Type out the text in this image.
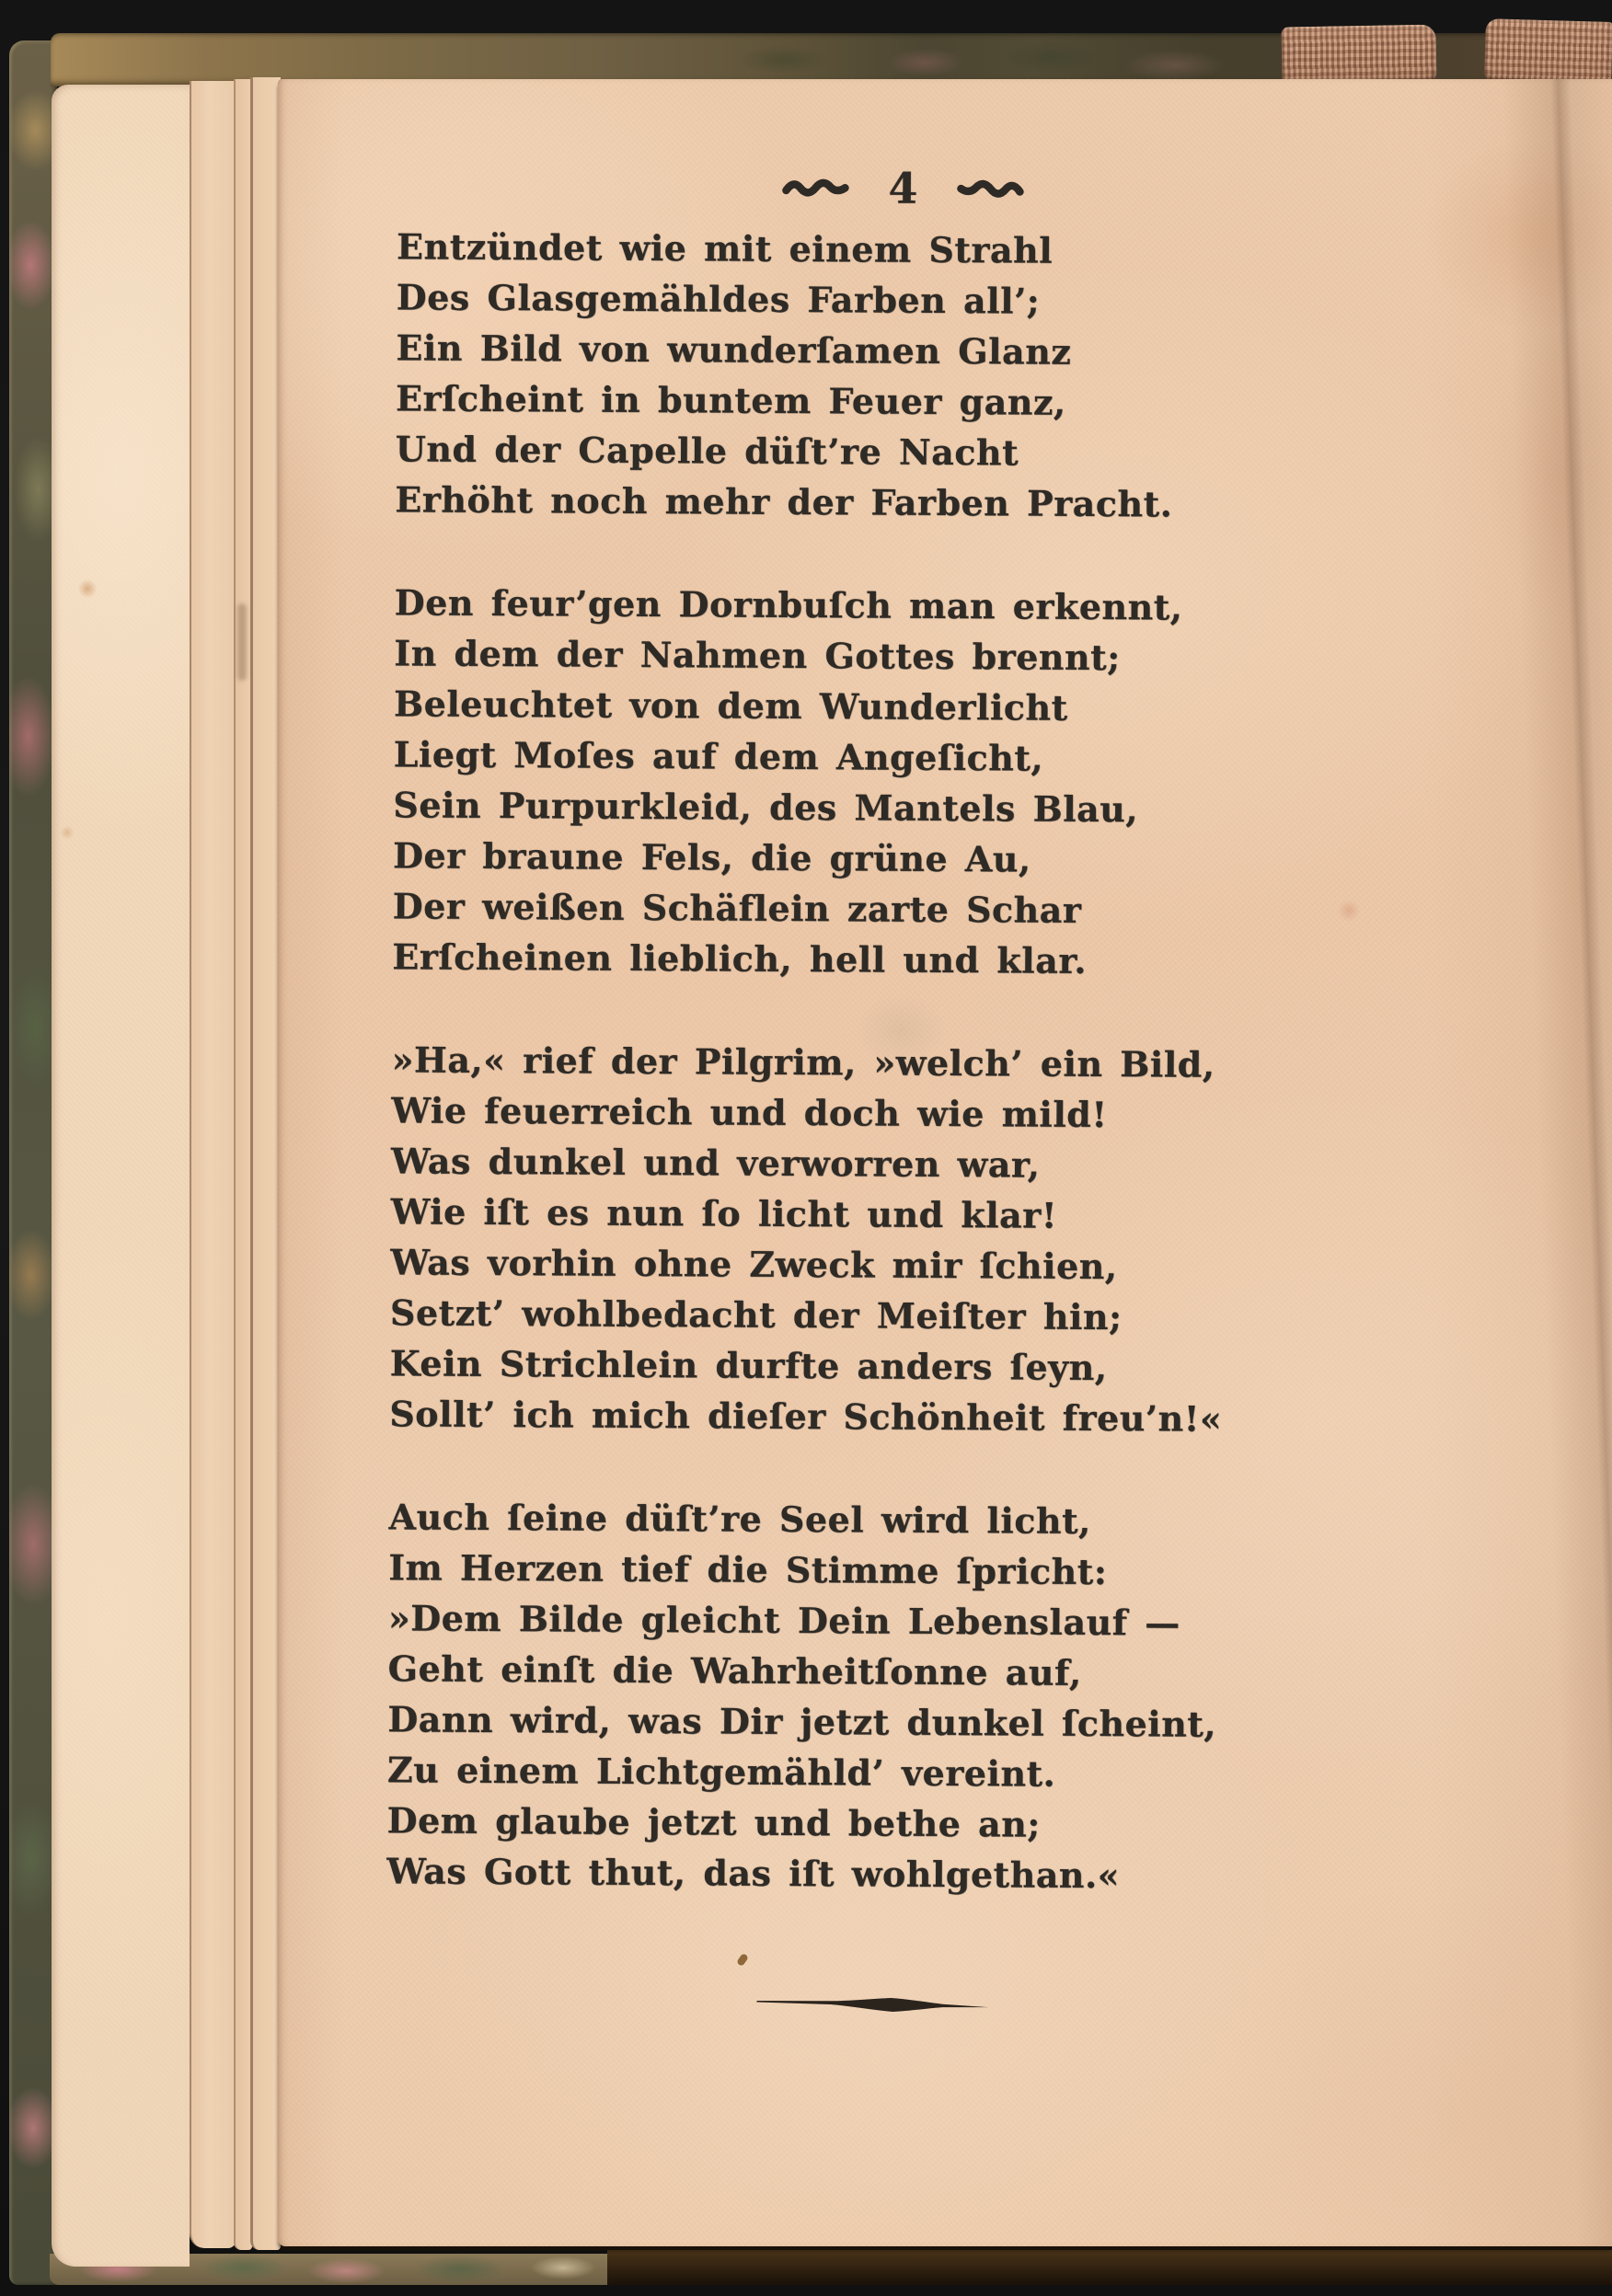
4
Entzündet wie mit einem Strahl
Des Glasgemähldes Farben all’;
Ein Bild von wunderſamen Glanz
Erſcheint in buntem Feuer ganz,
Und der Capelle düſt’re Nacht
Erhöht noch mehr der Farben Pracht.
Den feur’gen Dornbuſch man erkennt,
In dem der Nahmen Gottes brennt;
Beleuchtet von dem Wunderlicht
Liegt Moſes auf dem Angeſicht,
Sein Purpurkleid, des Mantels Blau,
Der braune Fels, die grüne Au,
Der weißen Schäflein zarte Schar
Erſcheinen lieblich, hell und klar.
»Ha,« rief der Pilgrim, »welch’ ein Bild,
Wie feuerreich und doch wie mild!
Was dunkel und verworren war,
Wie iſt es nun ſo licht und klar!
Was vorhin ohne Zweck mir ſchien,
Setzt’ wohlbedacht der Meiſter hin;
Kein Strichlein durfte anders ſeyn,
Sollt’ ich mich dieſer Schönheit freu’n!«
Auch ſeine düſt’re Seel wird licht,
Im Herzen tief die Stimme ſpricht:
»Dem Bilde gleicht Dein Lebenslauf —
Geht einſt die Wahrheitſonne auf,
Dann wird, was Dir jetzt dunkel ſcheint,
Zu einem Lichtgemähld’ vereint.
Dem glaube jetzt und bethe an;
Was Gott thut, das iſt wohlgethan.«
